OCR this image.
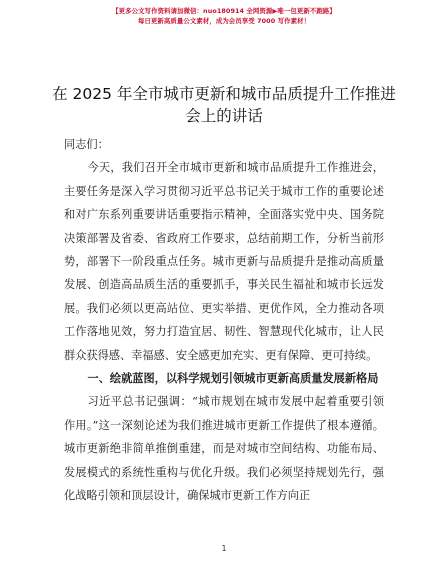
【更多公文写作资料请加微信：nuo180914 全网资源▶唯一包更新不跑路】
每日更新高质量公文素材，成为会员享受 7000 写作素材！
在 2025 年全市城市更新和城市品质提升工作推进会上的讲话

同志们：

今天，我们召开全市城市更新和城市品质提升工作推进会，主要任务是深入学习贯彻习近平总书记关于城市工作的重要论述和对广东系列重要讲话重要指示精神，全面落实党中央、国务院决策部署及省委、省政府工作要求，总结前期工作，分析当前形势，部署下一阶段重点任务。城市更新与品质提升是推动高质量发展、创造高品质生活的重要抓手，事关民生福祉和城市长远发展。我们必须以更高站位、更实举措、更优作风，全力推动各项工作落地见效，努力打造宜居、韧性、智慧现代化城市，让人民群众获得感、幸福感、安全感更加充实、更有保障、更可持续。

一、绘就蓝图，以科学规划引领城市更新高质量发展新格局

习近平总书记强调：“城市规划在城市发展中起着重要引领作用。”这一深刻论述为我们推进城市更新工作提供了根本遵循。城市更新绝非简单推倒重建，而是对城市空间结构、功能布局、发展模式的系统性重构与优化升级。我们必须坚持规划先行，强化战略引领和顶层设计，确保城市更新工作方向正

1
